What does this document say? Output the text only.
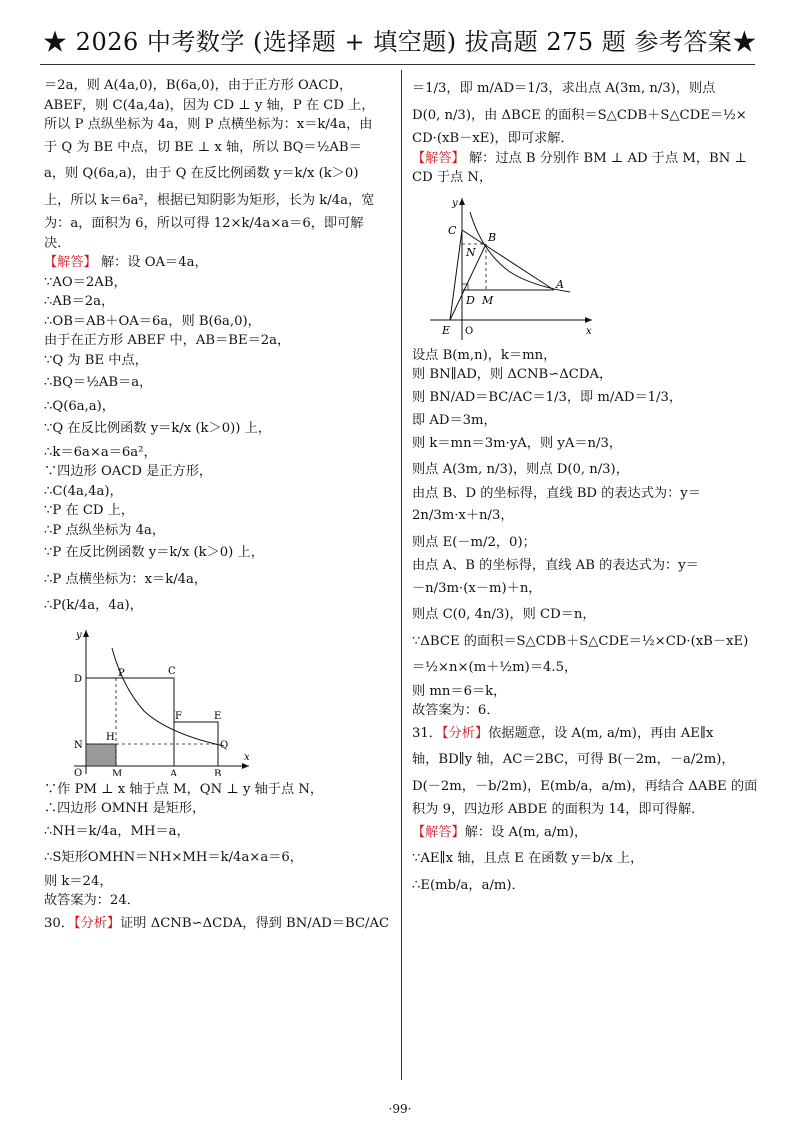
★ 2026 中考数学 (选择题 + 填空题) 拔高题 275 题 参考答案★
＝2a，则 A(4a,0)，B(6a,0)，由于正方形 OACD，
ABEF，则 C(4a,4a)，因为 CD ⊥ y 轴，P 在 CD 上，
所以 P 点纵坐标为 4a，则 P 点横坐标为：x＝k/4a，由
于 Q 为 BE 中点，切 BE ⊥ x 轴，所以 BQ＝½AB＝
a，则 Q(6a,a)，由于 Q 在反比例函数 y＝k/x (k＞0)
上，所以 k＝6a²，根据已知阴影为矩形，长为 k/4a，宽
为：a，面积为 6，所以可得 12×k/4a×a＝6，即可解
决．
【解答】 解：设 OA＝4a，
∵AO＝2AB，
∴AB＝2a，
∴OB＝AB＋OA＝6a，则 B(6a,0)，
由于在正方形 ABEF 中，AB＝BE＝2a，
∵Q 为 BE 中点，
∴BQ＝½AB＝a，
∴Q(6a,a)，
∵Q 在反比例函数 y＝k/x (k＞0)) 上，
∴k＝6a×a＝6a²，
∵四边形 OACD 是正方形，
∴C(4a,4a)，
∵P 在 CD 上，
∴P 点纵坐标为 4a，
∵P 在反比例函数 y＝k/x (k＞0) 上，
∴P 点横坐标为：x＝k/4a，
∴P(k/4a，4a)，
y
x
O
D
P	C
F	E
N
H
Q
M	A	B
∵作 PM ⊥ x 轴于点 M，QN ⊥ y 轴于点 N，
∴四边形 OMNH 是矩形，
∴NH＝k/4a，MH＝a，
∴S矩形OMHN＝NH×MH＝k/4a×a＝6，
则 k＝24，
故答案为：24．
30．【分析】证明 ΔCNB∽ΔCDA，得到 BN/AD＝BC/AC
＝1/3，即 m/AD＝1/3，求出点 A(3m, n/3)，则点
D(0, n/3)，由 ΔBCE 的面积＝S△CDB＋S△CDE＝½×
CD·(xB－xE)，即可求解．
【解答】 解：过点 B 分别作 BM ⊥ AD 于点 M，BN ⊥
CD 于点 N，
y
x
O
C
B
N
D M
A
E
设点 B(m,n)，k＝mn，
则 BN∥AD，则 ΔCNB∽ΔCDA，
则 BN/AD＝BC/AC＝1/3，即 m/AD＝1/3，
即 AD＝3m，
则 k＝mn＝3m·yA，则 yA＝n/3，
则点 A(3m, n/3)，则点 D(0, n/3)，
由点 B、D 的坐标得，直线 BD 的表达式为：y＝
2n/3m·x＋n/3，
则点 E(－m/2，0)；
由点 A、B 的坐标得，直线 AB 的表达式为：y＝
－n/3m·(x－m)＋n，
则点 C(0, 4n/3)，则 CD＝n，
∵ΔBCE 的面积＝S△CDB＋S△CDE＝½×CD·(xB－xE)
＝½×n×(m＋½m)＝4.5，
则 mn＝6＝k，
故答案为：6．
31．【分析】依据题意，设 A(m, a/m)，再由 AE∥x
轴，BD∥y 轴，AC＝2BC，可得 B(－2m，－a/2m)，
D(－2m，－b/2m)，E(mb/a，a/m)，再结合 ΔABE 的面
积为 9，四边形 ABDE 的面积为 14，即可得解．
【解答】解：设 A(m, a/m)，
∵AE∥x 轴，且点 E 在函数 y＝b/x 上，
∴E(mb/a，a/m)．
·99·
